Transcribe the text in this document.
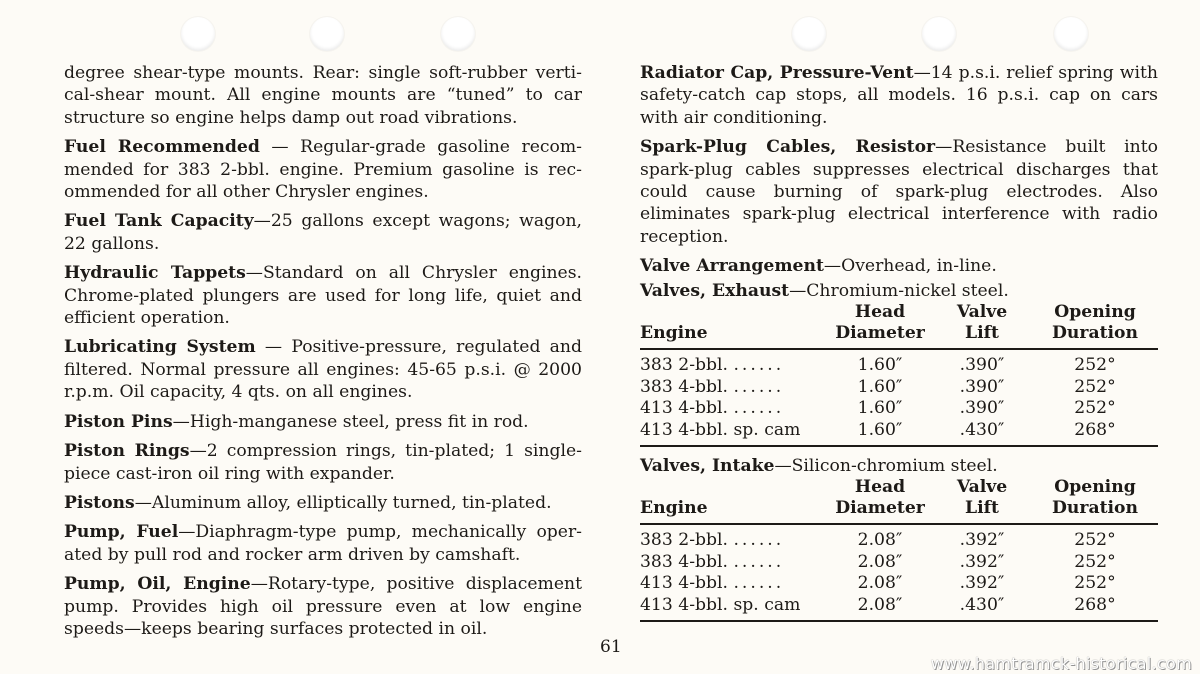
degree shear-type mounts. Rear: single soft-rubber verti-cal-shear mount. All engine mounts are “tuned” to car structure so engine helps damp out road vibrations.

Fuel Recommended — Regular-grade gasoline recom-mended for 383 2-bbl. engine. Premium gasoline is rec-ommended for all other Chrysler engines.

Fuel Tank Capacity—25 gallons except wagons; wagon, 22 gallons.

Hydraulic Tappets—Standard on all Chrysler engines. Chrome-plated plungers are used for long life, quiet and efficient operation.

Lubricating System — Positive-pressure, regulated and filtered. Normal pressure all engines: 45-65 p.s.i. @ 2000 r.p.m. Oil capacity, 4 qts. on all engines.

Piston Pins—High-manganese steel, press fit in rod.

Piston Rings—2 compression rings, tin-plated; 1 single-piece cast-iron oil ring with expander.

Pistons—Aluminum alloy, elliptically turned, tin-plated.

Pump, Fuel—Diaphragm-type pump, mechanically oper-ated by pull rod and rocker arm driven by camshaft.

Pump, Oil, Engine—Rotary-type, positive displacement pump. Provides high oil pressure even at low engine speeds—keeps bearing surfaces protected in oil.

Radiator Cap, Pressure-Vent—14 p.s.i. relief spring with safety-catch cap stops, all models. 16 p.s.i. cap on cars with air conditioning.

Spark-Plug Cables, Resistor—Resistance built into spark-plug cables suppresses electrical discharges that could cause burning of spark-plug electrodes. Also eliminates spark-plug electrical interference with radio reception.

Valve Arrangement—Overhead, in-line.

Valves, Exhaust—Chromium-nickel steel.

	Head	Valve	Opening
Engine	Diameter	Lift	Duration
383 2-bbl. ......	1.60″	.390″	252°
383 4-bbl. ......	1.60″	.390″	252°
413 4-bbl. ......	1.60″	.390″	252°
413 4-bbl. sp. cam	1.60″	.430″	268°

Valves, Intake—Silicon-chromium steel.

	Head	Valve	Opening
Engine	Diameter	Lift	Duration
383 2-bbl. ......	2.08″	.392″	252°
383 4-bbl. ......	2.08″	.392″	252°
413 4-bbl. ......	2.08″	.392″	252°
413 4-bbl. sp. cam	2.08″	.430″	268°
61
www.hamtramck-historical.com
